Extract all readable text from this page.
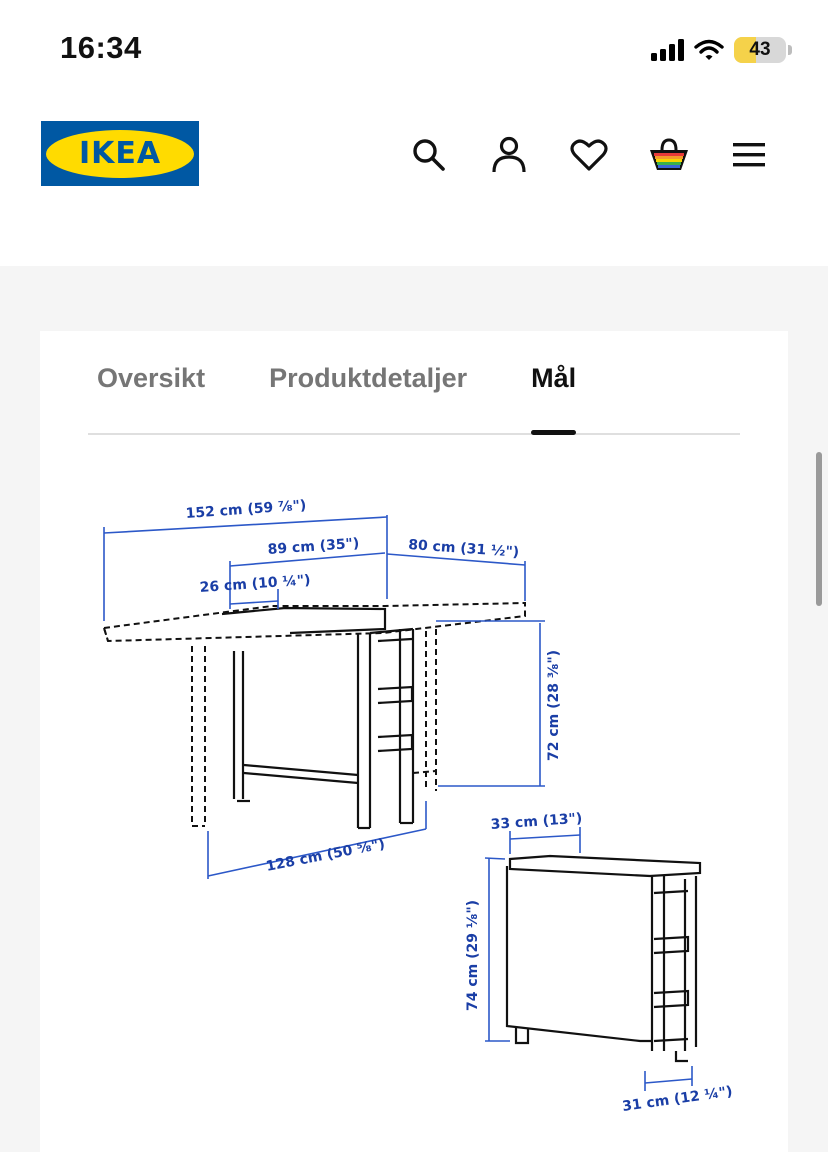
16:34	43
IKEA
Oversikt Produktdetaljer Mål
152 cm (59 ⅞")
89 cm (35")	80 cm (31 ½")
26 cm (10 ¼")
72 cm (28 ⅜")
128 cm (50 ⅝")
33 cm (13")
74 cm (29 ⅛")
31 cm (12 ¼")
